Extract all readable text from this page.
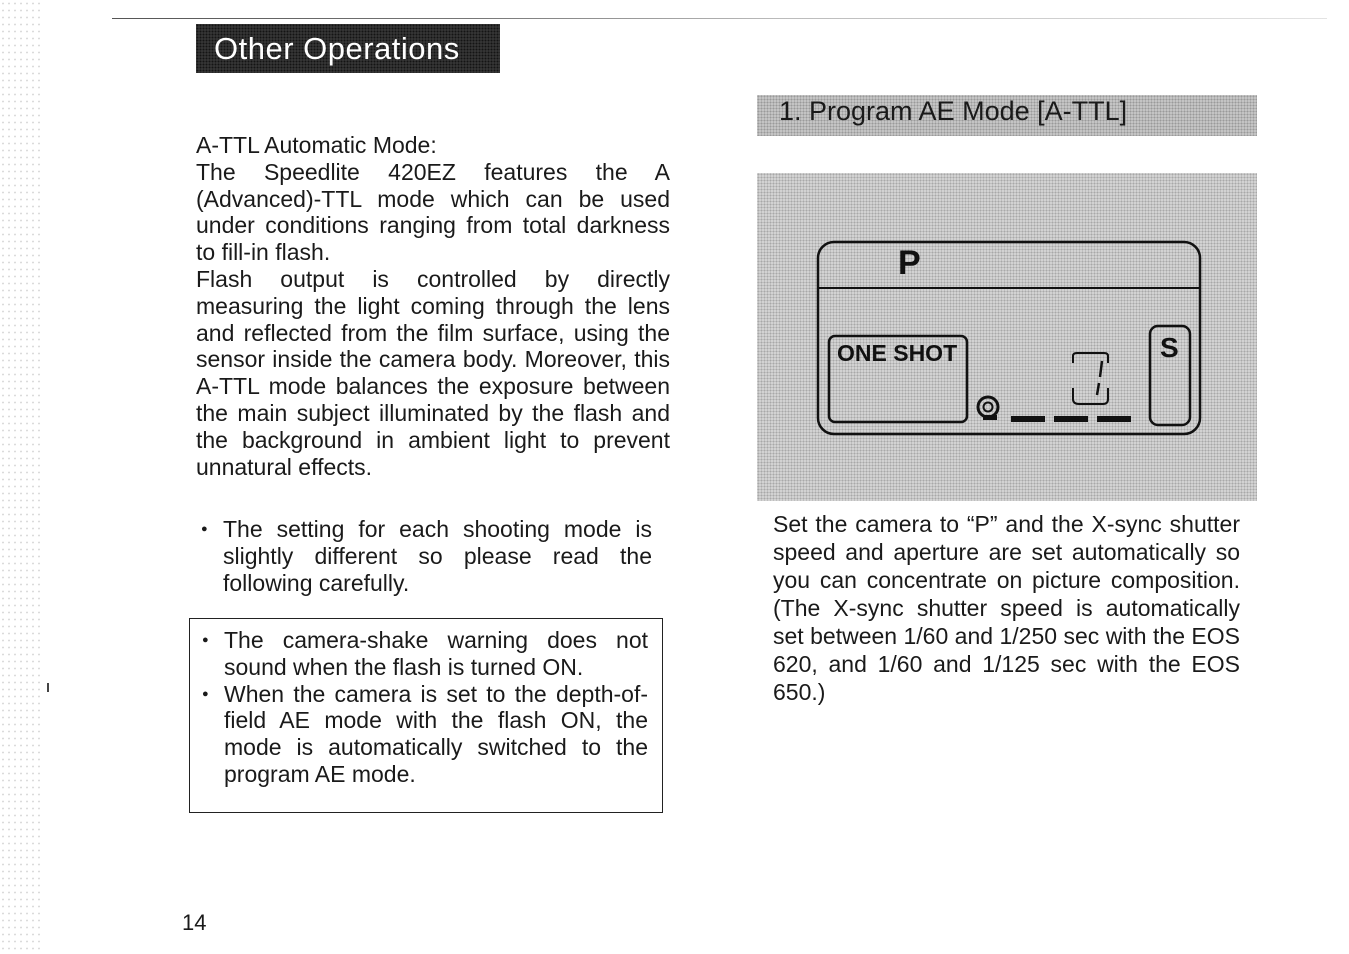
Other Operations
A-TTL Automatic Mode:

The Speedlite 420EZ features the A (Advanced)-TTL mode which can be used under conditions ranging from total darkness to fill-in flash.

Flash output is controlled by directly measuring the light coming through the lens and reflected from the film surface, using the sensor inside the camera body. Moreover, this A-TTL mode balances the exposure between the main subject illuminated by the flash and the background in ambient light to prevent unnatural effects.

● The setting for each shooting mode is slightly different so please read the following carefully.
● The camera-shake warning does not sound when the flash is turned ON.
● When the camera is set to the depth-of-field AE mode with the flash ON, the mode is automatically switched to the program AE mode.
1. Program AE Mode [A-TTL]
P
ONE SHOT	S

Set the camera to “P” and the X-sync shutter speed and aperture are set automatically so you can concentrate on picture composition. (The X-sync shutter speed is automatically set between 1/60 and 1/250 sec with the EOS 620, and 1/60 and 1/125 sec with the EOS 650.)

14
